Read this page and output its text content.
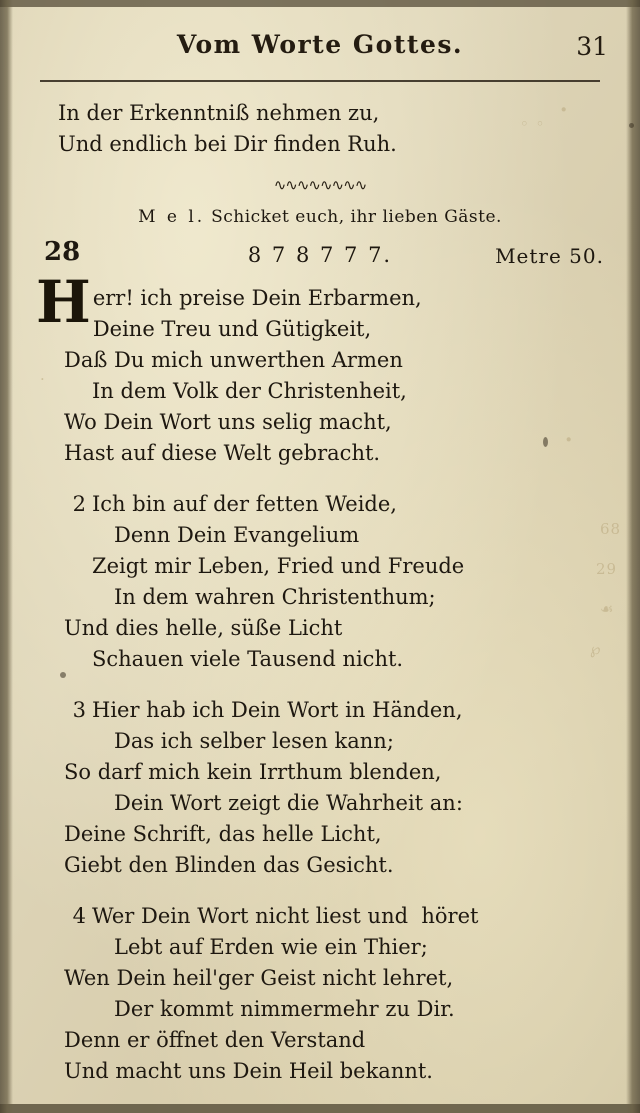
∙
◦ ◦
∙
68
29
☙
℘
·
Vom Worte Gottes.	31
In der Erkenntniß nehmen zu,
Und endlich bei Dir finden Ruh.
∿∿∿∿∿∿∿∿
M e l. Schicket euch, ihr lieben Gäste.
28	8 7 8 7 7 7.	Metre 50.
H err! ich preise Dein Erbarmen,
Deine Treu und Gütigkeit,
Daß Du mich unwerthen Armen
In dem Volk der Christenheit,
Wo Dein Wort uns selig macht,
Hast auf diese Welt gebracht.
2 Ich bin auf der fetten Weide,
Denn Dein Evangelium
Zeigt mir Leben, Fried und Freude
In dem wahren Christenthum;
Und dies helle, süße Licht
Schauen viele Tausend nicht.
3 Hier hab ich Dein Wort in Händen,
Das ich selber lesen kann;
So darf mich kein Irrthum blenden,
Dein Wort zeigt die Wahrheit an:
Deine Schrift, das helle Licht,
Giebt den Blinden das Gesicht.
4 Wer Dein Wort nicht liest und  höret
Lebt auf Erden wie ein Thier;
Wen Dein heil'ger Geist nicht lehret,
Der kommt nimmermehr zu Dir.
Denn er öffnet den Verstand
Und macht uns Dein Heil bekannt.
